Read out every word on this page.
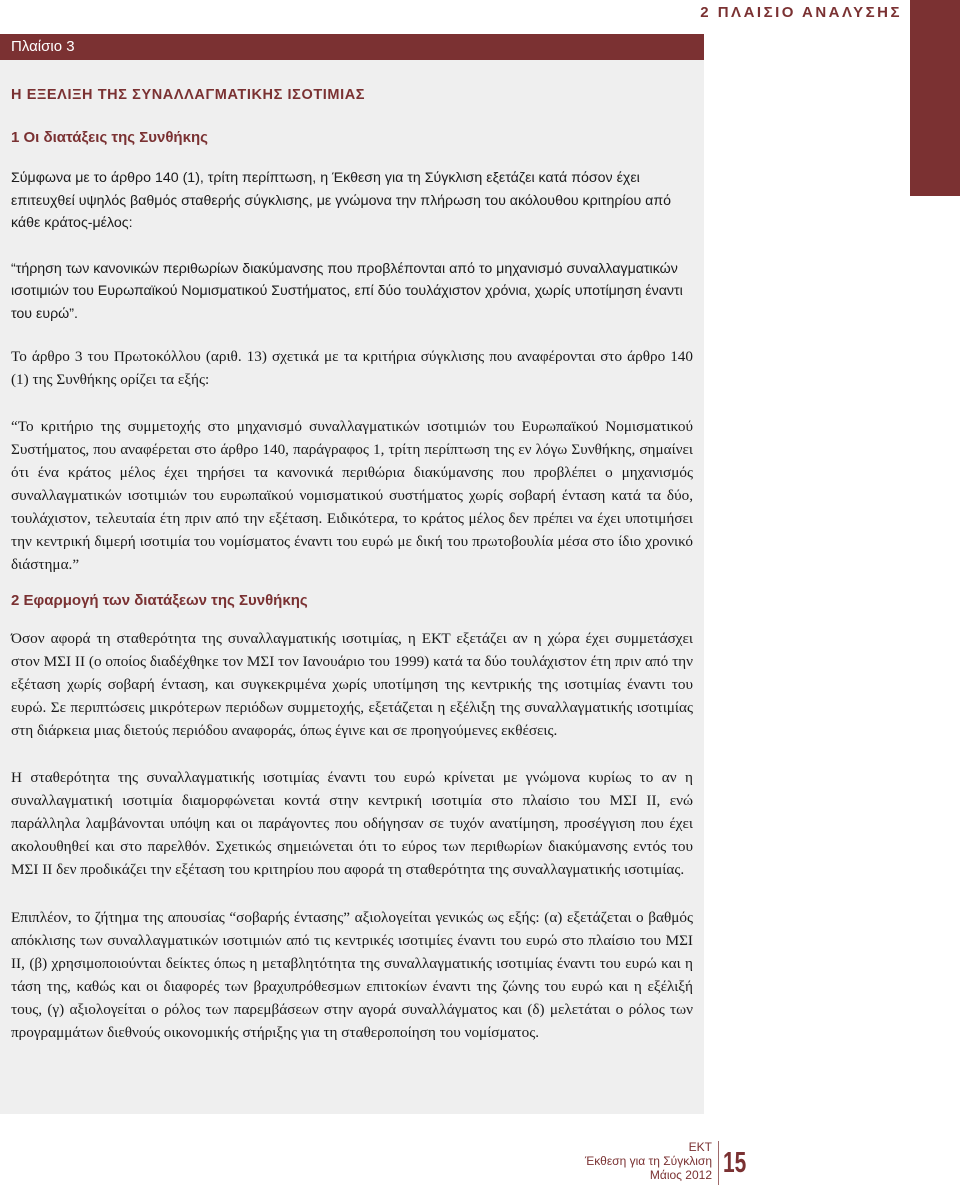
2 ΠΛΑΙΣΙΟ ΑΝΑΛΥΣΗΣ
Πλαίσιο 3
Η ΕΞΕΛΙΞΗ ΤΗΣ ΣΥΝΑΛΛΑΓΜΑΤΙΚΗΣ ΙΣΟΤΙΜΙΑΣ
1 Οι διατάξεις της Συνθήκης
Σύμφωνα με το άρθρο 140 (1), τρίτη περίπτωση, η Έκθεση για τη Σύγκλιση εξετάζει κατά πόσον έχει επιτευχθεί υψηλός βαθμός σταθερής σύγκλισης, με γνώμονα την πλήρωση του ακόλουθου κριτηρίου από κάθε κράτος-μέλος:
“τήρηση των κανονικών περιθωρίων διακύμανσης που προβλέπονται από το μηχανισμό συναλλαγματικών ισοτιμιών του Ευρωπαϊκού Νομισματικού Συστήματος, επί δύο τουλάχιστον χρόνια, χωρίς υποτίμηση έναντι του ευρώ”.
Το άρθρο 3 του Πρωτοκόλλου (αριθ. 13) σχετικά με τα κριτήρια σύγκλισης που αναφέρονται στο άρθρο 140 (1) της Συνθήκης ορίζει τα εξής:
“Το κριτήριο της συμμετοχής στο μηχανισμό συναλλαγματικών ισοτιμιών του Ευρωπαϊκού Νομισματικού Συστήματος, που αναφέρεται στο άρθρο 140, παράγραφος 1, τρίτη περίπτωση της εν λόγω Συνθήκης, σημαίνει ότι ένα κράτος μέλος έχει τηρήσει τα κανονικά περιθώρια διακύμανσης που προβλέπει ο μηχανισμός συναλλαγματικών ισοτιμιών του ευρωπαϊκού νομισματικού συστήματος χωρίς σοβαρή ένταση κατά τα δύο, τουλάχιστον, τελευταία έτη πριν από την εξέταση. Ειδικότερα, το κράτος μέλος δεν πρέπει να έχει υποτιμήσει την κεντρική διμερή ισοτιμία του νομίσματος έναντι του ευρώ με δική του πρωτοβουλία μέσα στο ίδιο χρονικό διάστημα.”
2 Εφαρμογή των διατάξεων της Συνθήκης
Όσον αφορά τη σταθερότητα της συναλλαγματικής ισοτιμίας, η ΕΚΤ εξετάζει αν η χώρα έχει συμμετάσχει στον ΜΣΙ ΙΙ (ο οποίος διαδέχθηκε τον ΜΣΙ τον Ιανουάριο του 1999) κατά τα δύο τουλάχιστον έτη πριν από την εξέταση χωρίς σοβαρή ένταση, και συγκεκριμένα χωρίς υποτίμηση της κεντρικής της ισοτιμίας έναντι του ευρώ. Σε περιπτώσεις μικρότερων περιόδων συμμετοχής, εξετάζεται η εξέλιξη της συναλλαγματικής ισοτιμίας στη διάρκεια μιας διετούς περιόδου αναφοράς, όπως έγινε και σε προηγούμενες εκθέσεις.
Η σταθερότητα της συναλλαγματικής ισοτιμίας έναντι του ευρώ κρίνεται με γνώμονα κυρίως το αν η συναλλαγματική ισοτιμία διαμορφώνεται κοντά στην κεντρική ισοτιμία στο πλαίσιο του ΜΣΙ ΙΙ, ενώ παράλληλα λαμβάνονται υπόψη και οι παράγοντες που οδήγησαν σε τυχόν ανατίμηση, προσέγγιση που έχει ακολουθηθεί και στο παρελθόν. Σχετικώς σημειώνεται ότι το εύρος των περιθωρίων διακύμανσης εντός του ΜΣΙ ΙΙ δεν προδικάζει την εξέταση του κριτηρίου που αφορά τη σταθερότητα της συναλλαγματικής ισοτιμίας.
Επιπλέον, το ζήτημα της απουσίας “σοβαρής έντασης” αξιολογείται γενικώς ως εξής: (α) εξετάζεται ο βαθμός απόκλισης των συναλλαγματικών ισοτιμιών από τις κεντρικές ισοτιμίες έναντι του ευρώ στο πλαίσιο του ΜΣΙ ΙΙ, (β) χρησιμοποιούνται δείκτες όπως η μεταβλητότητα της συναλλαγματικής ισοτιμίας έναντι του ευρώ και η τάση της, καθώς και οι διαφορές των βραχυπρόθεσμων επιτοκίων έναντι της ζώνης του ευρώ και η εξέλιξή τους, (γ) αξιολογείται ο ρόλος των παρεμβάσεων στην αγορά συναλλάγματος και (δ) μελετάται ο ρόλος των προγραμμάτων διεθνούς οικονομικής στήριξης για τη σταθεροποίηση του νομίσματος.
ΕΚΤ
Έκθεση για τη Σύγκλιση
Μάιος 2012 15
